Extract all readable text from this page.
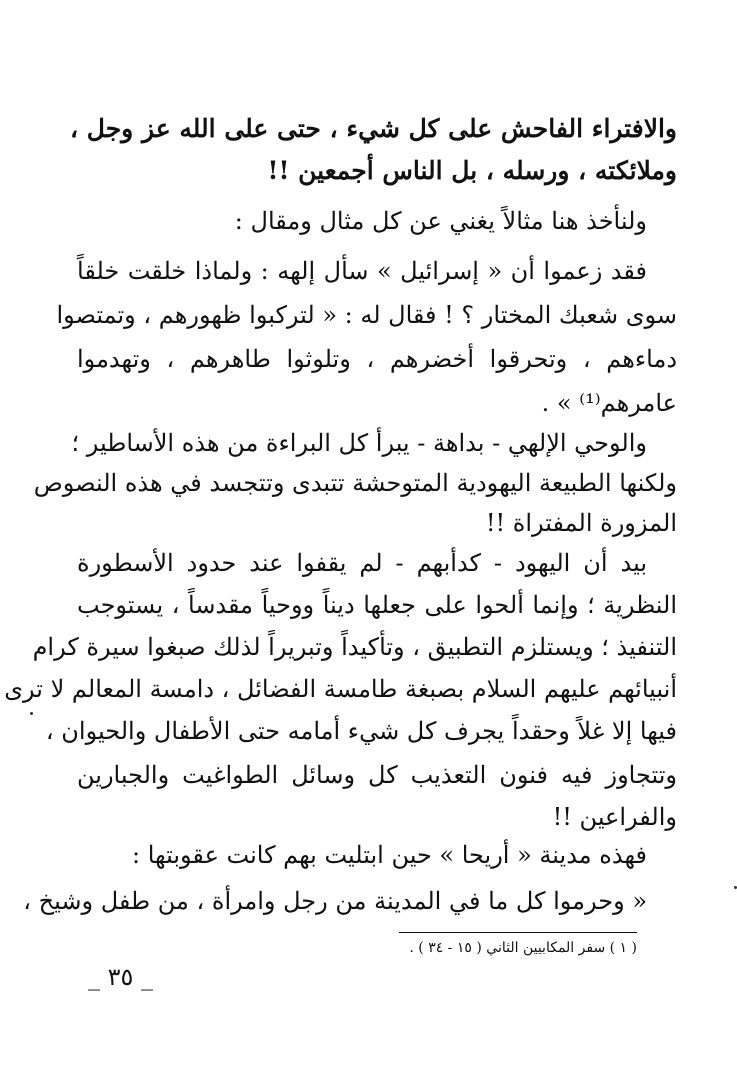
والافتراء الفاحش على كل شيء ، حتى على الله عز وجل ،
وملائكته ، ورسله ، بل الناس أجمعين !!
ولنأخذ هنا مثالاً يغني عن كل مثال ومقال :
فقد زعموا أن « إسرائيل » سأل إلهه : ولماذا خلقت خلقاً
سوى شعبك المختار ؟ ! فقال له : « لتركبوا ظهورهم ، وتمتصوا
دماءهم ، وتحرقوا أخضرهم ، وتلوثوا طاهرهم ، وتهدموا
عامرهم⁽¹⁾ » .
والوحي الإلهي - بداهة - يبرأ كل البراءة من هذه الأساطير ؛
ولكنها الطبيعة اليهودية المتوحشة تتبدى وتتجسد في هذه النصوص
المزورة المفتراة !!
بيد أن اليهود - كدأبهم - لم يقفوا عند حدود الأسطورة
النظرية ؛ وإنما ألحوا على جعلها ديناً ووحياً مقدساً ، يستوجب
التنفيذ ؛ ويستلزم التطبيق ، وتأكيداً وتبريراً لذلك صبغوا سيرة كرام
أنبيائهم عليهم السلام بصبغة طامسة الفضائل ، دامسة المعالم لا ترى
فيها إلا غلاً وحقداً يجرف كل شيء أمامه حتى الأطفال والحيوان ،
وتتجاوز فيه فنون التعذيب كل وسائل الطواغيت والجبارين
والفراعين !!
فهذه مدينة « أريحا » حين ابتليت بهم كانت عقوبتها :
« وحرموا كل ما في المدينة من رجل وامرأة ، من طفل وشيخ ،
( ١ ) سفر المكابيين الثاني ( ١٥ - ٣٤ ) .
_ ٣٥ _
